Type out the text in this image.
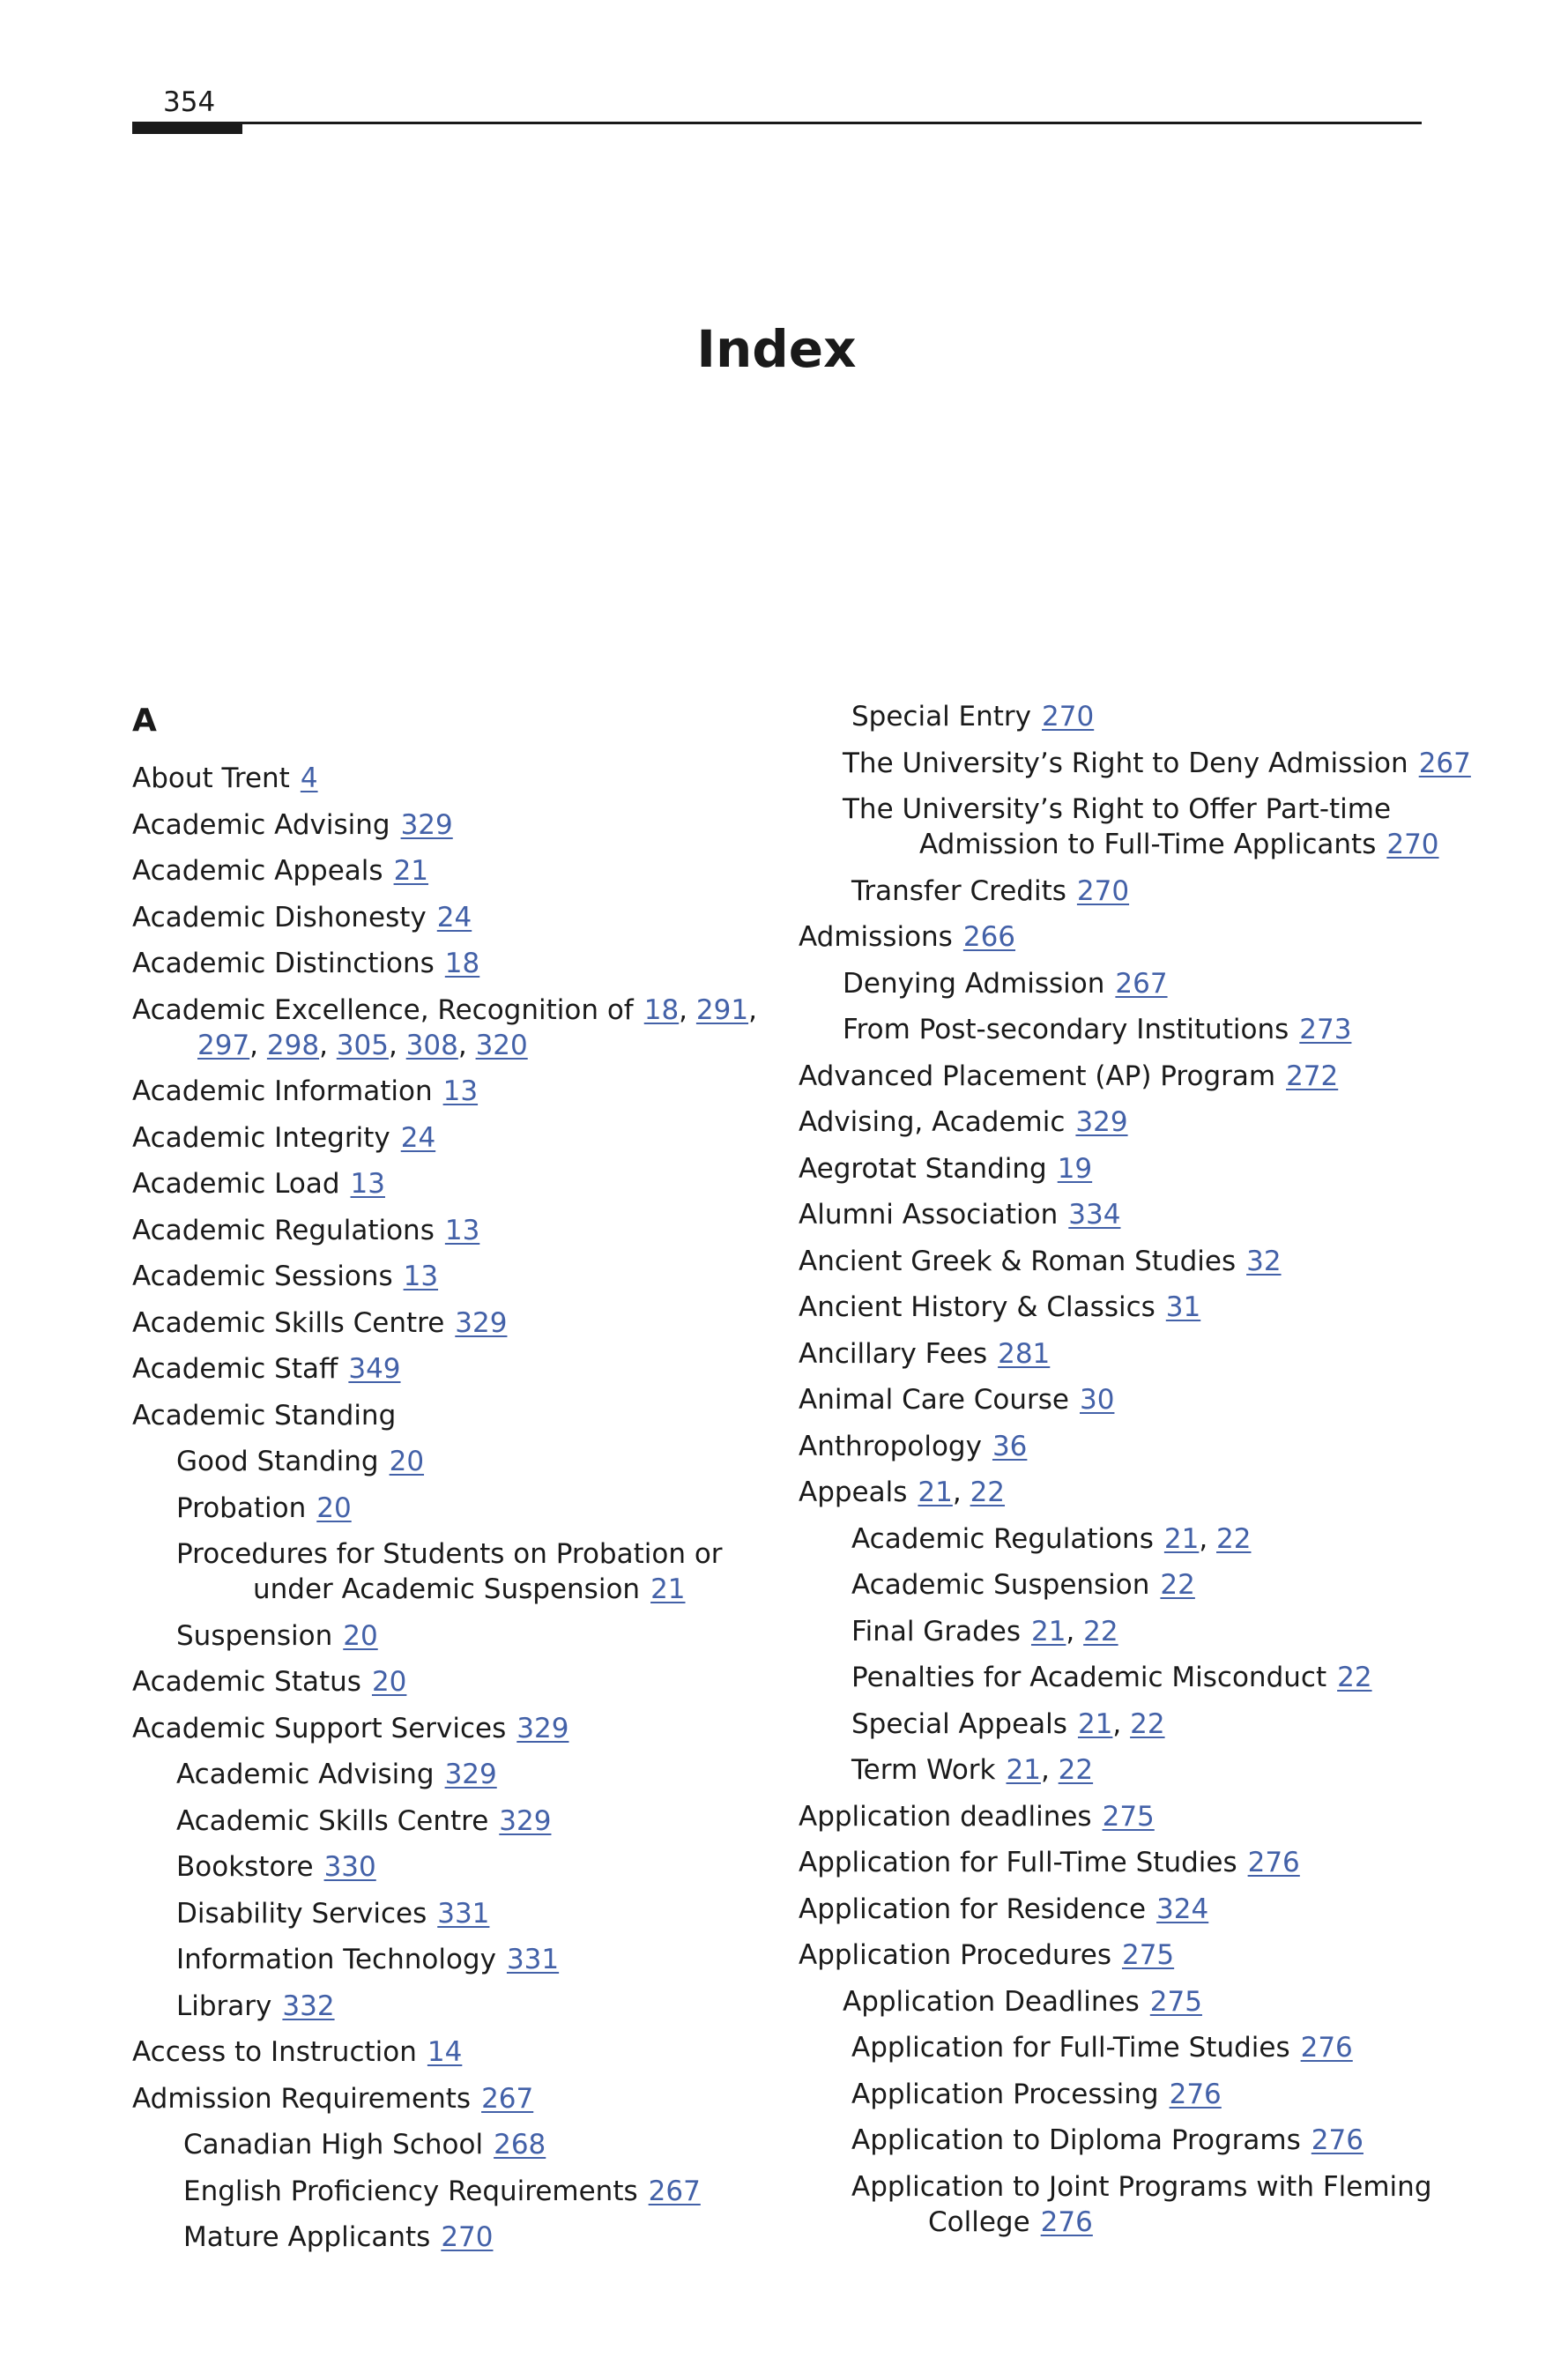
354
Index
A
About Trent 4
Academic Advising 329
Academic Appeals 21
Academic Dishonesty 24
Academic Distinctions 18
Academic Excellence, Recognition of 18, 291,
297, 298, 305, 308, 320
Academic Information 13
Academic Integrity 24
Academic Load 13
Academic Regulations 13
Academic Sessions 13
Academic Skills Centre 329
Academic Staff 349
Academic Standing
Good Standing 20
Probation 20
Procedures for Students on Probation or
under Academic Suspension 21
Suspension 20
Academic Status 20
Academic Support Services 329
Academic Advising 329
Academic Skills Centre 329
Bookstore 330
Disability Services 331
Information Technology 331
Library 332
Access to Instruction 14
Admission Requirements 267
Canadian High School 268
English Proficiency Requirements 267
Mature Applicants 270
Special Entry 270
The University’s Right to Deny Admission 267
The University’s Right to Offer Part-time
Admission to Full-Time Applicants 270
Transfer Credits 270
Admissions 266
Denying Admission 267
From Post-secondary Institutions 273
Advanced Placement (AP) Program 272
Advising, Academic 329
Aegrotat Standing 19
Alumni Association 334
Ancient Greek & Roman Studies 32
Ancient History & Classics 31
Ancillary Fees 281
Animal Care Course 30
Anthropology 36
Appeals 21, 22
Academic Regulations 21, 22
Academic Suspension 22
Final Grades 21, 22
Penalties for Academic Misconduct 22
Special Appeals 21, 22
Term Work 21, 22
Application deadlines 275
Application for Full-Time Studies 276
Application for Residence 324
Application Procedures 275
Application Deadlines 275
Application for Full-Time Studies 276
Application Processing 276
Application to Diploma Programs 276
Application to Joint Programs with Fleming
College 276
